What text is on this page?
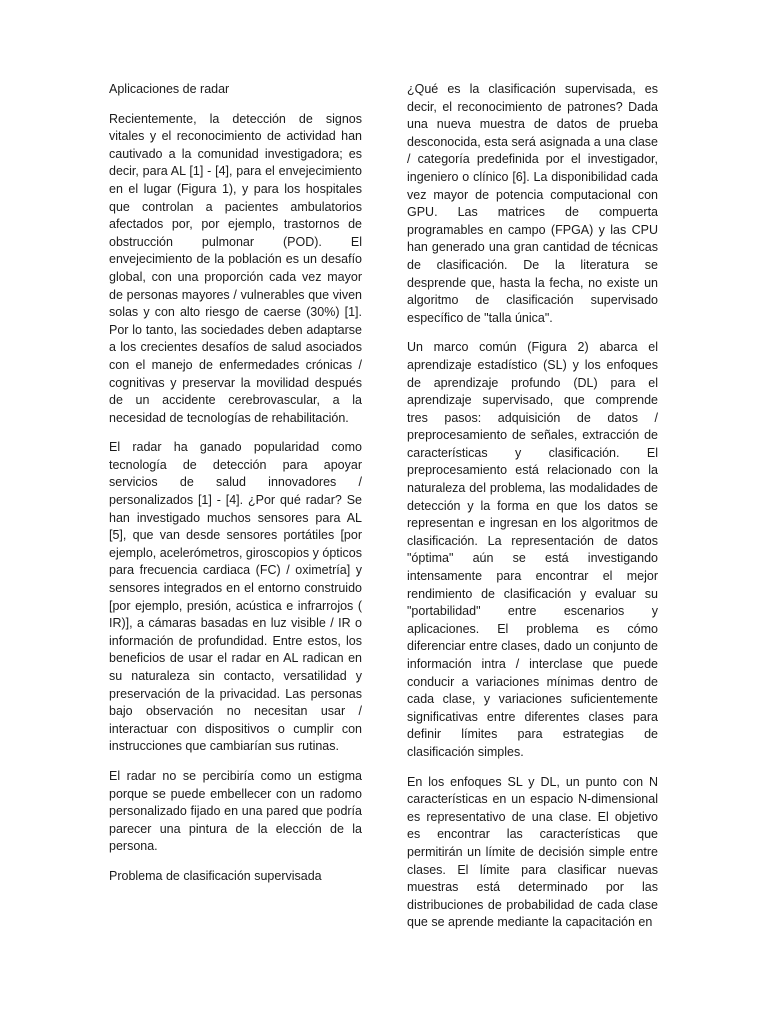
Aplicaciones de radar

Recientemente, la detección de signos vitales y el reconocimiento de actividad han cautivado a la comunidad investigadora; es decir, para AL [1] - [4], para el envejecimiento en el lugar (Figura 1), y para los hospitales que controlan a pacientes ambulatorios afectados por, por ejemplo, trastornos de obstrucción pulmonar (POD). El envejecimiento de la población es un desafío global, con una proporción cada vez mayor de personas mayores / vulnerables que viven solas y con alto riesgo de caerse (30%) [1]. Por lo tanto, las sociedades deben adaptarse a los crecientes desafíos de salud asociados con el manejo de enfermedades crónicas / cognitivas y preservar la movilidad después de un accidente cerebrovascular, a la necesidad de tecnologías de rehabilitación.

El radar ha ganado popularidad como tecnología de detección para apoyar servicios de salud innovadores / personalizados [1] - [4]. ¿Por qué radar? Se han investigado muchos sensores para AL [5], que van desde sensores portátiles [por ejemplo, acelerómetros, giroscopios y ópticos para frecuencia cardiaca (FC) / oximetría] y sensores integrados en el entorno construido [por ejemplo, presión, acústica e infrarrojos ( IR)], a cámaras basadas en luz visible / IR o información de profundidad. Entre estos, los beneficios de usar el radar en AL radican en su naturaleza sin contacto, versatilidad y preservación de la privacidad. Las personas bajo observación no necesitan usar / interactuar con dispositivos o cumplir con instrucciones que cambiarían sus rutinas.

El radar no se percibiría como un estigma porque se puede embellecer con un radomo personalizado fijado en una pared que podría parecer una pintura de la elección de la persona.

Problema de clasificación supervisada

¿Qué es la clasificación supervisada, es decir, el reconocimiento de patrones? Dada una nueva muestra de datos de prueba desconocida, esta será asignada a una clase / categoría predefinida por el investigador, ingeniero o clínico [6]. La disponibilidad cada vez mayor de potencia computacional con GPU. Las matrices de compuerta programables en campo (FPGA) y las CPU han generado una gran cantidad de técnicas de clasificación. De la literatura se desprende que, hasta la fecha, no existe un algoritmo de clasificación supervisado específico de "talla única".

Un marco común (Figura 2) abarca el aprendizaje estadístico (SL) y los enfoques de aprendizaje profundo (DL) para el aprendizaje supervisado, que comprende tres pasos: adquisición de datos / preprocesamiento de señales, extracción de características y clasificación. El preprocesamiento está relacionado con la naturaleza del problema, las modalidades de detección y la forma en que los datos se representan e ingresan en los algoritmos de clasificación. La representación de datos "óptima" aún se está investigando intensamente para encontrar el mejor rendimiento de clasificación y evaluar su "portabilidad" entre escenarios y aplicaciones. El problema es cómo diferenciar entre clases, dado un conjunto de información intra / interclase que puede conducir a variaciones mínimas dentro de cada clase, y variaciones suficientemente significativas entre diferentes clases para definir límites para estrategias de clasificación simples.

En los enfoques SL y DL, un punto con N características en un espacio N-dimensional es representativo de una clase. El objetivo es encontrar las características que permitirán un límite de decisión simple entre clases. El límite para clasificar nuevas muestras está determinado por las distribuciones de probabilidad de cada clase que se aprende mediante la capacitación en
